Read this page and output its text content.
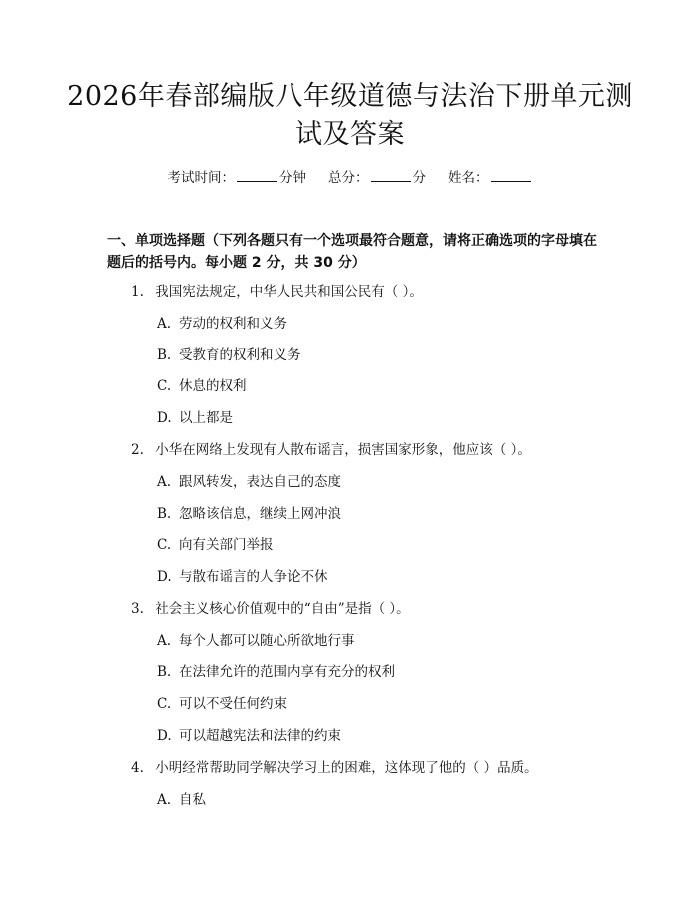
2026年春部编版八年级道德与法治下册单元测试及答案
考试时间：	分钟 总分：	分 姓名：
一、单项选择题（下列各题只有一个选项最符合题意，请将正确选项的字母填在题后的括号内。每小题 2 分，共 30 分）
1. 我国宪法规定，中华人民共和国公民有（ ）。
A. 劳动的权利和义务
B. 受教育的权利和义务
C. 休息的权利
D. 以上都是
2. 小华在网络上发现有人散布谣言，损害国家形象，他应该（ ）。
A. 跟风转发，表达自己的态度
B. 忽略该信息，继续上网冲浪
C. 向有关部门举报
D. 与散布谣言的人争论不休
3. 社会主义核心价值观中的“自由”是指（ ）。
A. 每个人都可以随心所欲地行事
B. 在法律允许的范围内享有充分的权利
C. 可以不受任何约束
D. 可以超越宪法和法律的约束
4. 小明经常帮助同学解决学习上的困难，这体现了他的（ ）品质。
A. 自私
